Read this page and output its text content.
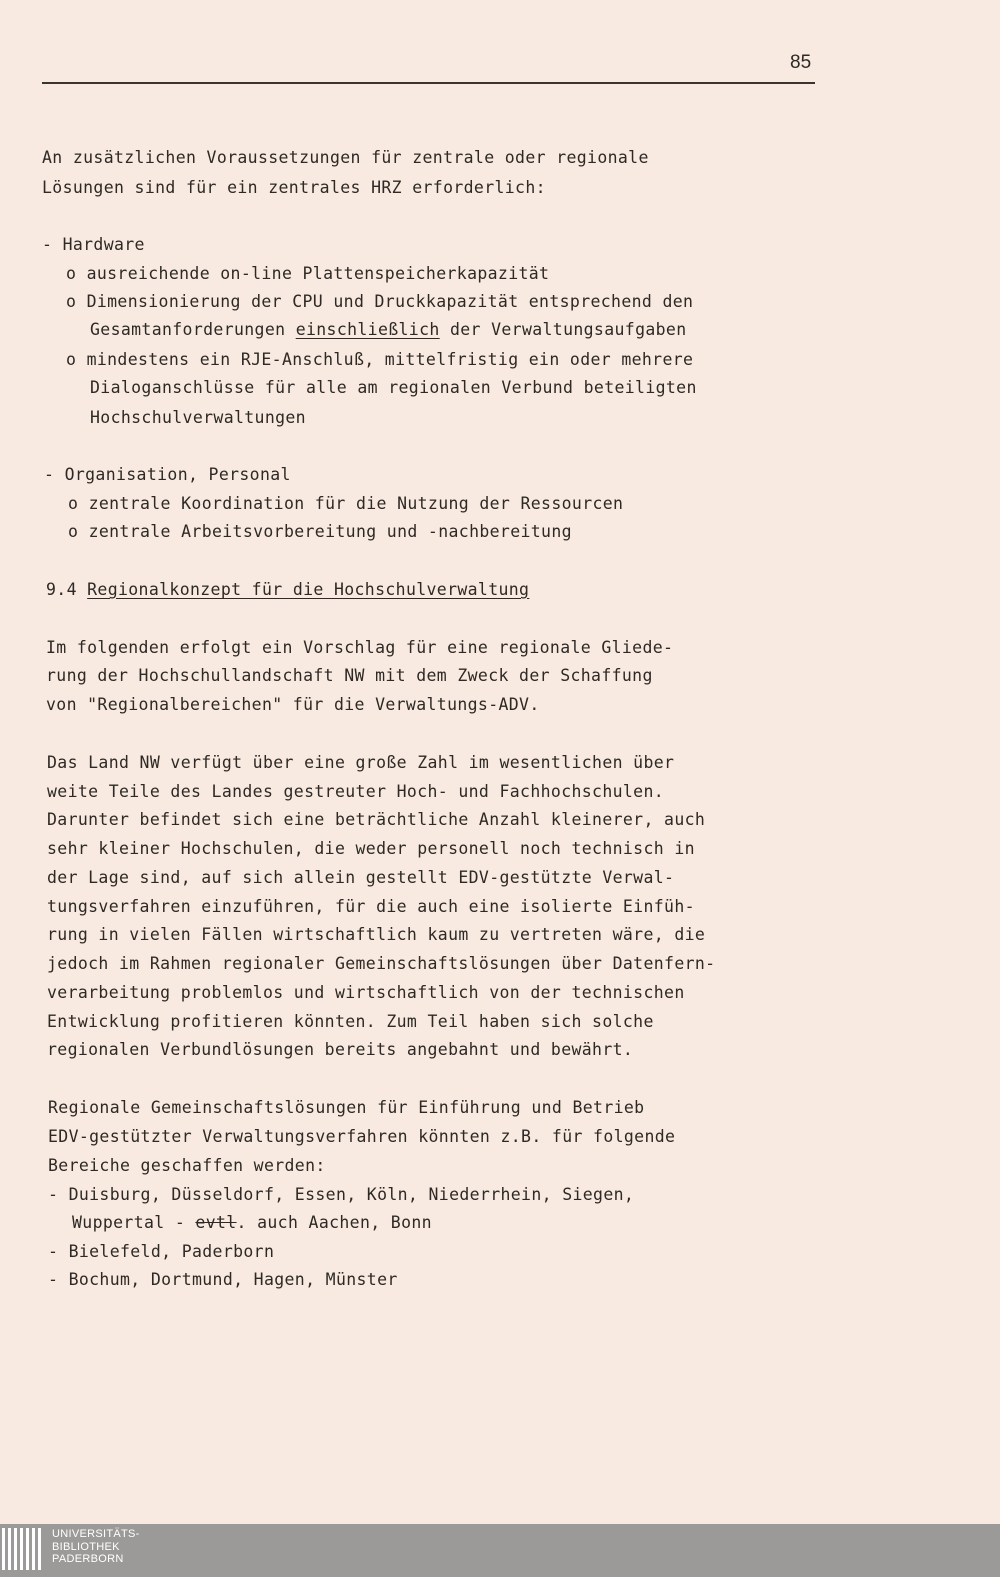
85
An zusätzlichen Voraussetzungen für zentrale oder regionale
Lösungen sind für ein zentrales HRZ erforderlich:
- Hardware
o ausreichende on-line Plattenspeicherkapazität
o Dimensionierung der CPU und Druckkapazität entsprechend den
Gesamtanforderungen einschließlich der Verwaltungsaufgaben
o mindestens ein RJE-Anschluß, mittelfristig ein oder mehrere
Dialoganschlüsse für alle am regionalen Verbund beteiligten
Hochschulverwaltungen
- Organisation, Personal
o zentrale Koordination für die Nutzung der Ressourcen
o zentrale Arbeitsvorbereitung und -nachbereitung
9.4 Regionalkonzept für die Hochschulverwaltung
Im folgenden erfolgt ein Vorschlag für eine regionale Gliede-
rung der Hochschullandschaft NW mit dem Zweck der Schaffung
von "Regionalbereichen" für die Verwaltungs-ADV.
Das Land NW verfügt über eine große Zahl im wesentlichen über
weite Teile des Landes gestreuter Hoch- und Fachhochschulen.
Darunter befindet sich eine beträchtliche Anzahl kleinerer, auch
sehr kleiner Hochschulen, die weder personell noch technisch in
der Lage sind, auf sich allein gestellt EDV-gestützte Verwal-
tungsverfahren einzuführen, für die auch eine isolierte Einfüh-
rung in vielen Fällen wirtschaftlich kaum zu vertreten wäre, die
jedoch im Rahmen regionaler Gemeinschaftslösungen über Datenfern-
verarbeitung problemlos und wirtschaftlich von der technischen
Entwicklung profitieren könnten. Zum Teil haben sich solche
regionalen Verbundlösungen bereits angebahnt und bewährt.
Regionale Gemeinschaftslösungen für Einführung und Betrieb
EDV-gestützter Verwaltungsverfahren könnten z.B. für folgende
Bereiche geschaffen werden:
- Duisburg, Düsseldorf, Essen, Köln, Niederrhein, Siegen,
Wuppertal - evtl. auch Aachen, Bonn
- Bielefeld, Paderborn
- Bochum, Dortmund, Hagen, Münster
UNIVERSITÄTS-
BIBLIOTHEK
PADERBORN
